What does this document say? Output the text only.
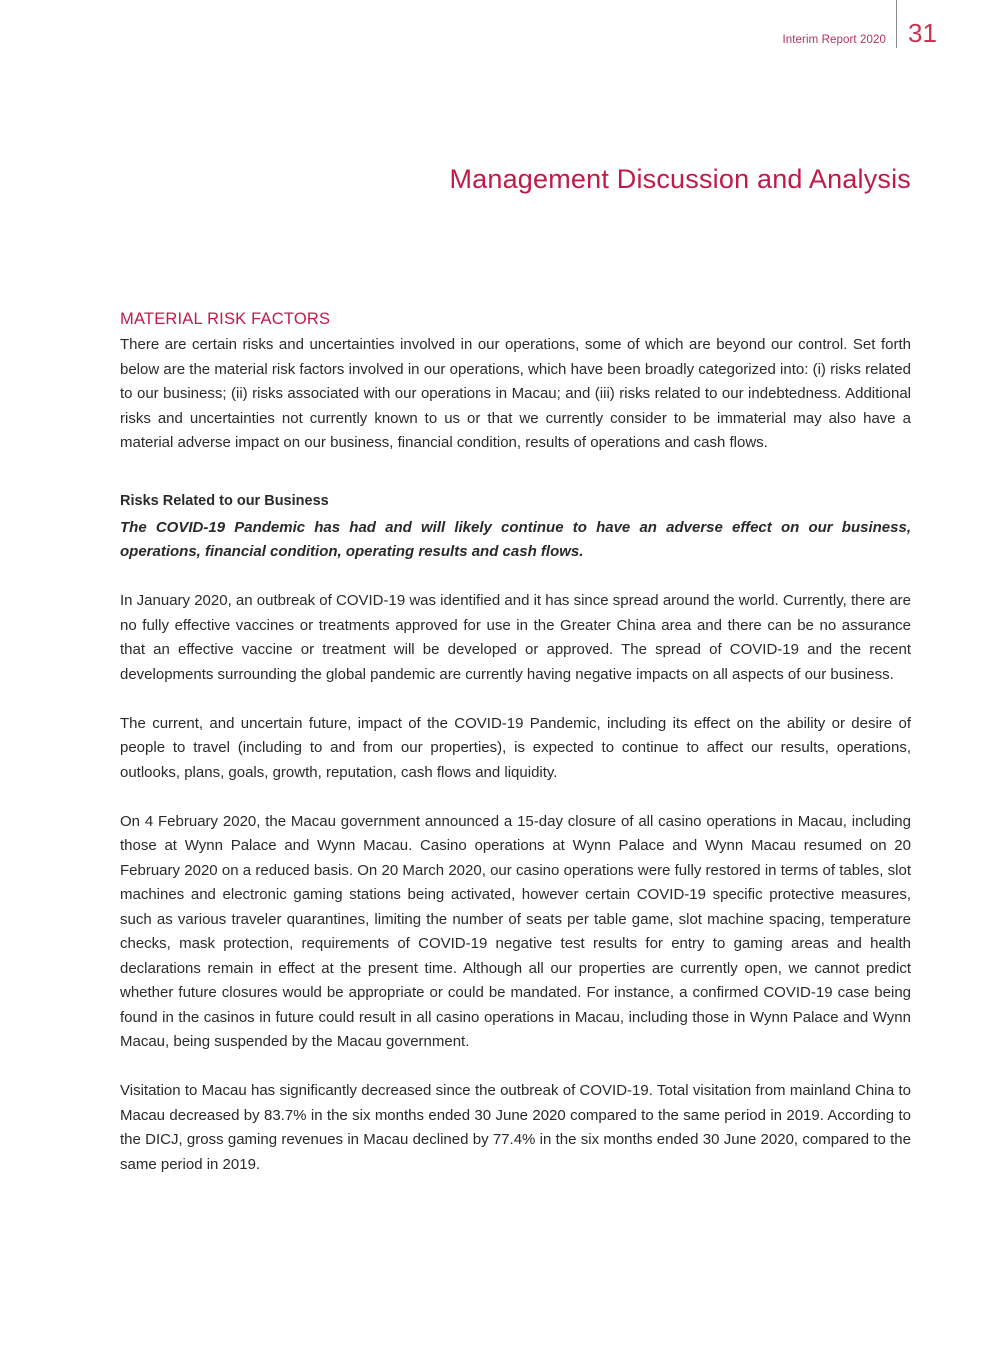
Interim Report 2020 31
Management Discussion and Analysis
MATERIAL RISK FACTORS

There are certain risks and uncertainties involved in our operations, some of which are beyond our control. Set forth below are the material risk factors involved in our operations, which have been broadly categorized into: (i) risks related to our business; (ii) risks associated with our operations in Macau; and (iii) risks related to our indebtedness. Additional risks and uncertainties not currently known to us or that we currently consider to be immaterial may also have a material adverse impact on our business, financial condition, results of operations and cash flows.

Risks Related to our Business

The COVID-19 Pandemic has had and will likely continue to have an adverse effect on our business, operations, financial condition, operating results and cash flows.

In January 2020, an outbreak of COVID-19 was identified and it has since spread around the world. Currently, there are no fully effective vaccines or treatments approved for use in the Greater China area and there can be no assurance that an effective vaccine or treatment will be developed or approved. The spread of COVID-19 and the recent developments surrounding the global pandemic are currently having negative impacts on all aspects of our business.

The current, and uncertain future, impact of the COVID-19 Pandemic, including its effect on the ability or desire of people to travel (including to and from our properties), is expected to continue to affect our results, operations, outlooks, plans, goals, growth, reputation, cash flows and liquidity.

On 4 February 2020, the Macau government announced a 15-day closure of all casino operations in Macau, including those at Wynn Palace and Wynn Macau. Casino operations at Wynn Palace and Wynn Macau resumed on 20 February 2020 on a reduced basis. On 20 March 2020, our casino operations were fully restored in terms of tables, slot machines and electronic gaming stations being activated, however certain COVID-19 specific protective measures, such as various traveler quarantines, limiting the number of seats per table game, slot machine spacing, temperature checks, mask protection, requirements of COVID-19 negative test results for entry to gaming areas and health declarations remain in effect at the present time. Although all our properties are currently open, we cannot predict whether future closures would be appropriate or could be mandated. For instance, a confirmed COVID-19 case being found in the casinos in future could result in all casino operations in Macau, including those in Wynn Palace and Wynn Macau, being suspended by the Macau government.

Visitation to Macau has significantly decreased since the outbreak of COVID-19. Total visitation from mainland China to Macau decreased by 83.7% in the six months ended 30 June 2020 compared to the same period in 2019. According to the DICJ, gross gaming revenues in Macau declined by 77.4% in the six months ended 30 June 2020, compared to the same period in 2019.
